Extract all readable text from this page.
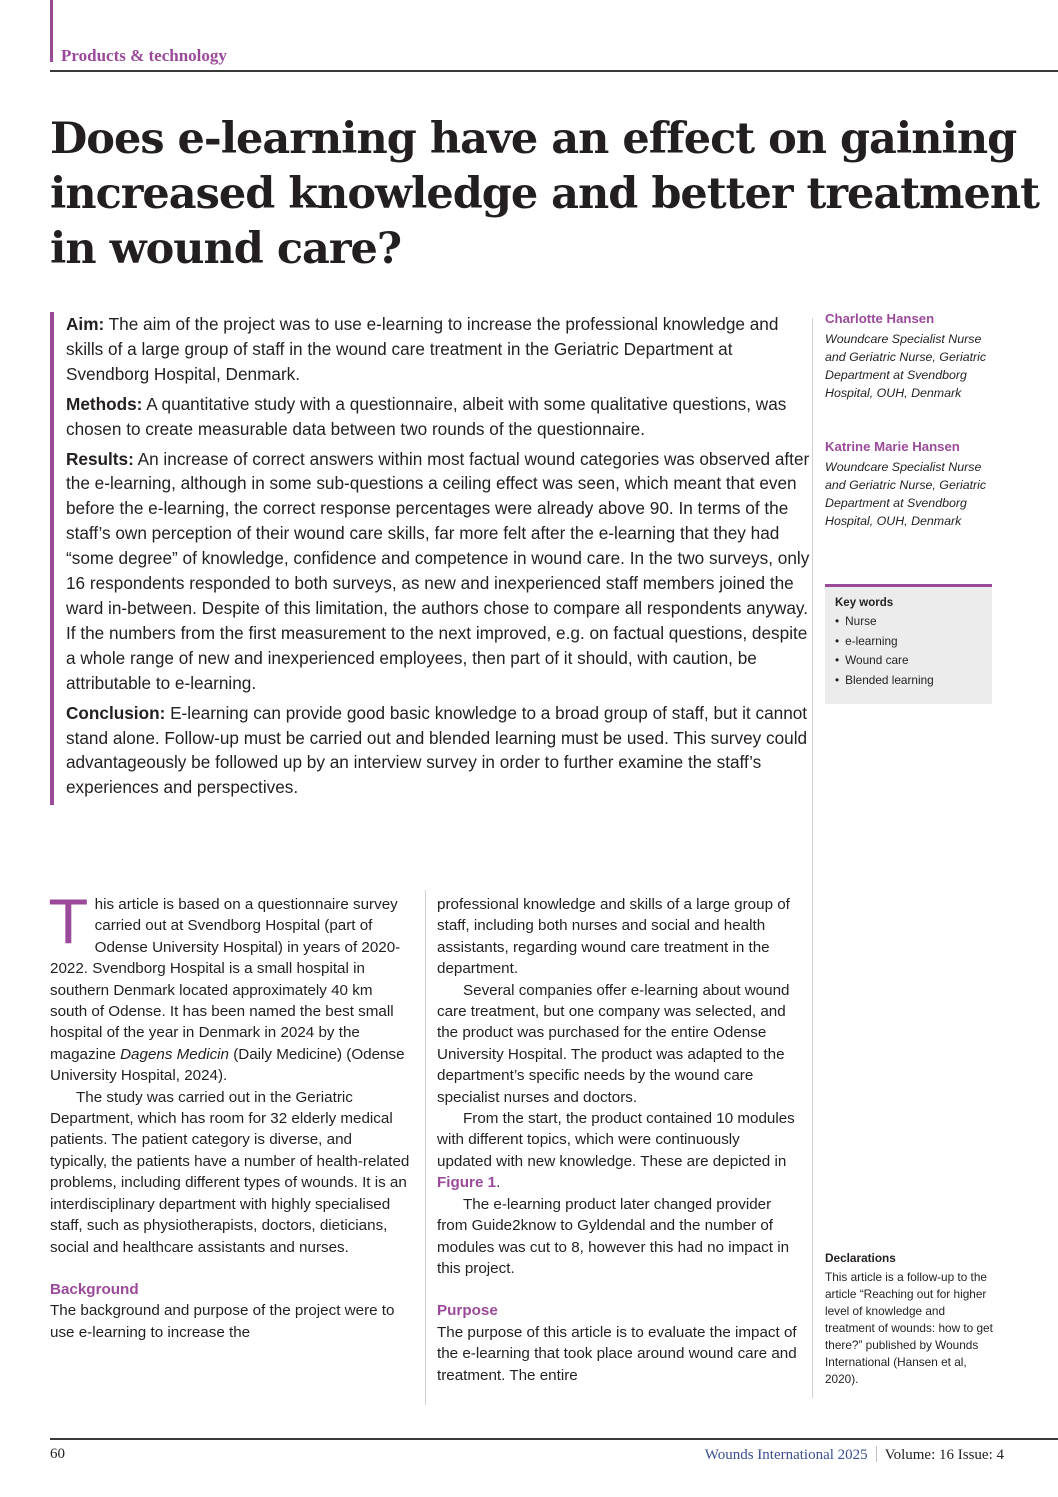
Products & technology
Does e-learning have an effect on gaining increased knowledge and better treatment in wound care?

Aim: The aim of the project was to use e-learning to increase the professional knowledge and skills of a large group of staff in the wound care treatment in the Geriatric Department at Svendborg Hospital, Denmark.

Methods: A quantitative study with a questionnaire, albeit with some qualitative questions, was chosen to create measurable data between two rounds of the questionnaire.

Results: An increase of correct answers within most factual wound categories was observed after the e-learning, although in some sub-questions a ceiling effect was seen, which meant that even before the e-learning, the correct response percentages were already above 90. In terms of the staff’s own perception of their wound care skills, far more felt after the e-learning that they had “some degree” of knowledge, confidence and competence in wound care. In the two surveys, only 16 respondents responded to both surveys, as new and inexperienced staff members joined the ward in-between. Despite of this limitation, the authors chose to compare all respondents anyway. If the numbers from the first measurement to the next improved, e.g. on factual questions, despite a whole range of new and inexperienced employees, then part of it should, with caution, be attributable to e-learning.

Conclusion: E-learning can provide good basic knowledge to a broad group of staff, but it cannot stand alone. Follow-up must be carried out and blended learning must be used. This survey could advantageously be followed up by an interview survey in order to further examine the staff’s experiences and perspectives.

Charlotte Hansen
Woundcare Specialist Nurse and Geriatric Nurse, Geriatric Department at Svendborg Hospital, OUH, Denmark
Katrine Marie Hansen
Woundcare Specialist Nurse and Geriatric Nurse, Geriatric Department at Svendborg Hospital, OUH, Denmark
Key words
• Nurse
• e-learning
• Wound care
• Blended learning

This article is based on a questionnaire survey carried out at Svendborg Hospital (part of Odense University Hospital) in years of 2020-2022. Svendborg Hospital is a small hospital in southern Denmark located approximately 40 km south of Odense. It has been named the best small hospital of the year in Denmark in 2024 by the magazine Dagens Medicin (Daily Medicine) (Odense University Hospital, 2024).

The study was carried out in the Geriatric Department, which has room for 32 elderly medical patients. The patient category is diverse, and typically, the patients have a number of health-related problems, including different types of wounds. It is an interdisciplinary department with highly specialised staff, such as physiotherapists, doctors, dieticians, social and healthcare assistants and nurses.

Background

The background and purpose of the project were to use e-learning to increase the

professional knowledge and skills of a large group of staff, including both nurses and social and health assistants, regarding wound care treatment in the department.

Several companies offer e-learning about wound care treatment, but one company was selected, and the product was purchased for the entire Odense University Hospital. The product was adapted to the department’s specific needs by the wound care specialist nurses and doctors.

From the start, the product contained 10 modules with different topics, which were continuously updated with new knowledge. These are depicted in Figure 1.

The e-learning product later changed provider from Guide2know to Gyldendal and the number of modules was cut to 8, however this had no impact in this project.

Purpose

The purpose of this article is to evaluate the impact of the e-learning that took place around wound care and treatment. The entire

Declarations
This article is a follow-up to the article “Reaching out for higher level of knowledge and treatment of wounds: how to get there?” published by Wounds International (Hansen et al, 2020).
60	Wounds International 2025 Volume: 16 Issue: 4
